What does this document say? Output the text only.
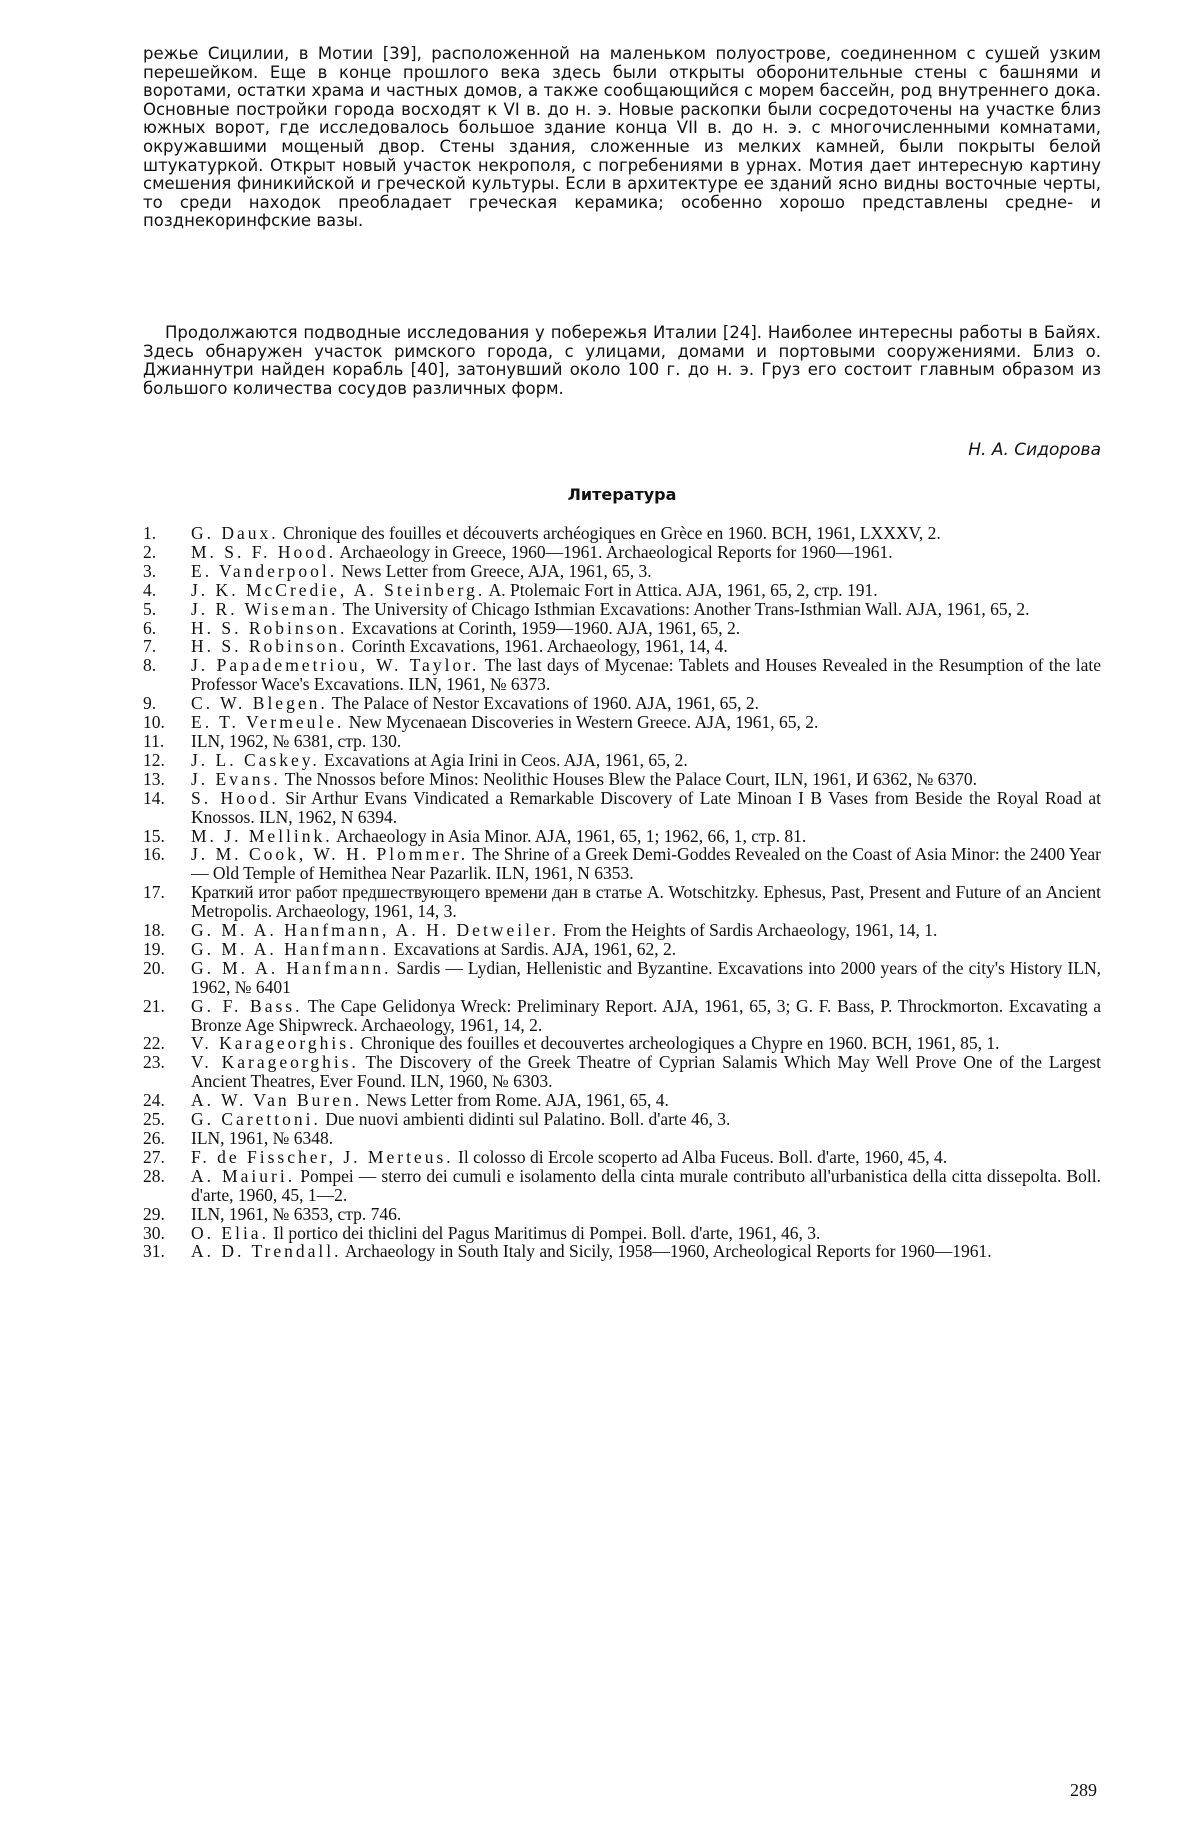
режье Сицилии, в Мотии [39], расположенной на маленьком полуострове, соединенном с сушей узким перешейком. Еще в конце прошлого века здесь были открыты оборонительные стены с башнями и воротами, остатки храма и частных домов, а также сообщающийся с морем бассейн, род внутреннего дока. Основные постройки города восходят к VI в. до н. э. Новые раскопки были сосредоточены на участке близ южных ворот, где исследовалось большое здание конца VII в. до н. э. с многочисленными комнатами, окружавшими мощеный двор. Стены здания, сложенные из мелких камней, были покрыты белой штукатуркой. Открыт новый участок некрополя, с погребениями в урнах. Мотия дает интересную картину смешения финикийской и греческой культуры. Если в архитектуре ее зданий ясно видны восточные черты, то среди находок преобладает греческая керамика; особенно хорошо представлены средне- и позднекоринфские вазы.

Продолжаются подводные исследования у побережья Италии [24]. Наиболее интересны работы в Байях. Здесь обнаружен участок римского города, с улицами, домами и портовыми сооружениями. Близ о. Джианнутри найден корабль [40], затонувший около 100 г. до н. э. Груз его состоит главным образом из большого количества сосудов различных форм.

Н. А. Сидорова

Литература
1.	G. Daux. Chronique des fouilles et découverts archéogiques en Grèce en 1960. BCH, 1961, LXXXV, 2.
2.	M. S. F. Hood. Archaeology in Greece, 1960—1961. Archaeological Reports for 1960—1961.
3.	E. Vanderpool. News Letter from Greece, AJA, 1961, 65, 3.
4.	J. K. McCredie, A. Steinberg. A. Ptolemaic Fort in Attica. AJA, 1961, 65, 2, стр. 191.
5.	J. R. Wiseman. The University of Chicago Isthmian Excavations: Another Trans-Isthmian Wall. AJA, 1961, 65, 2.
6.	H. S. Robinson. Excavations at Corinth, 1959—1960. AJA, 1961, 65, 2.
7.	H. S. Robinson. Corinth Excavations, 1961. Archaeology, 1961, 14, 4.
8.	J. Papademetriou, W. Taylor. The last days of Mycenae: Tablets and Houses Revealed in the Resumption of the late Professor Wace's Excavations. ILN, 1961, № 6373.
9.	C. W. Blegen. The Palace of Nestor Excavations of 1960. AJA, 1961, 65, 2.
10.	E. T. Vermeule. New Mycenaean Discoveries in Western Greece. AJA, 1961, 65, 2.
11.	ILN, 1962, № 6381, стр. 130.
12.	J. L. Caskey. Excavations at Agia Irini in Ceos. AJA, 1961, 65, 2.
13.	J. Evans. The Nnossos before Minos: Neolithic Houses Blew the Palace Court, ILN, 1961, И 6362, № 6370.
14.	S. Hood. Sir Arthur Evans Vindicated a Remarkable Discovery of Late Minoan I B Vases from Beside the Royal Road at Knossos. ILN, 1962, N 6394.
15.	M. J. Mellink. Archaeology in Asia Minor. AJA, 1961, 65, 1; 1962, 66, 1, стр. 81.
16.	J. M. Cook, W. H. Plommer. The Shrine of a Greek Demi-Goddes Revealed on the Coast of Asia Minor: the 2400 Year — Old Temple of Hemithea Near Pazarlik. ILN, 1961, N 6353.
17.	Краткий итог работ предшествующего времени дан в статье A. Wotschitzky. Ephesus, Past, Present and Future of an Ancient Metropolis. Archaeology, 1961, 14, 3.
18.	G. M. A. Hanfmann, A. H. Detweiler. From the Heights of Sardis Archaeology, 1961, 14, 1.
19.	G. M. A. Hanfmann. Excavations at Sardis. AJA, 1961, 62, 2.
20.	G. M. A. Hanfmann. Sardis — Lydian, Hellenistic and Byzantine. Excavations into 2000 years of the city's History ILN, 1962, № 6401
21.	G. F. Bass. The Cape Gelidonya Wreck: Preliminary Report. AJA, 1961, 65, 3; G. F. Bass, P. Throckmorton. Excavating a Bronze Age Shipwreck. Archaeology, 1961, 14, 2.
22.	V. Karageorghis. Chronique des fouilles et decouvertes archeologiques a Chypre en 1960. BCH, 1961, 85, 1.
23.	V. Karageorghis. The Discovery of the Greek Theatre of Cyprian Salamis Which May Well Prove One of the Largest Ancient Theatres, Ever Found. ILN, 1960, № 6303.
24.	A. W. Van Buren. News Letter from Rome. AJA, 1961, 65, 4.
25.	G. Carettoni. Due nuovi ambienti didinti sul Palatino. Boll. d'arte 46, 3.
26.	ILN, 1961, № 6348.
27.	F. de Fisscher, J. Merteus. Il colosso di Ercole scoperto ad Alba Fuceus. Boll. d'arte, 1960, 45, 4.
28.	A. Maiuri. Pompei — sterro dei cumuli e isolamento della cinta murale contributo all'urbanistica della citta dissepolta. Boll. d'arte, 1960, 45, 1—2.
29.	ILN, 1961, № 6353, стр. 746.
30.	O. Elia. Il portico dei thiclini del Pagus Maritimus di Pompei. Boll. d'arte, 1961, 46, 3.
31.	A. D. Trendall. Archaeology in South Italy and Sicily, 1958—1960, Archeological Reports for 1960—1961.

289
